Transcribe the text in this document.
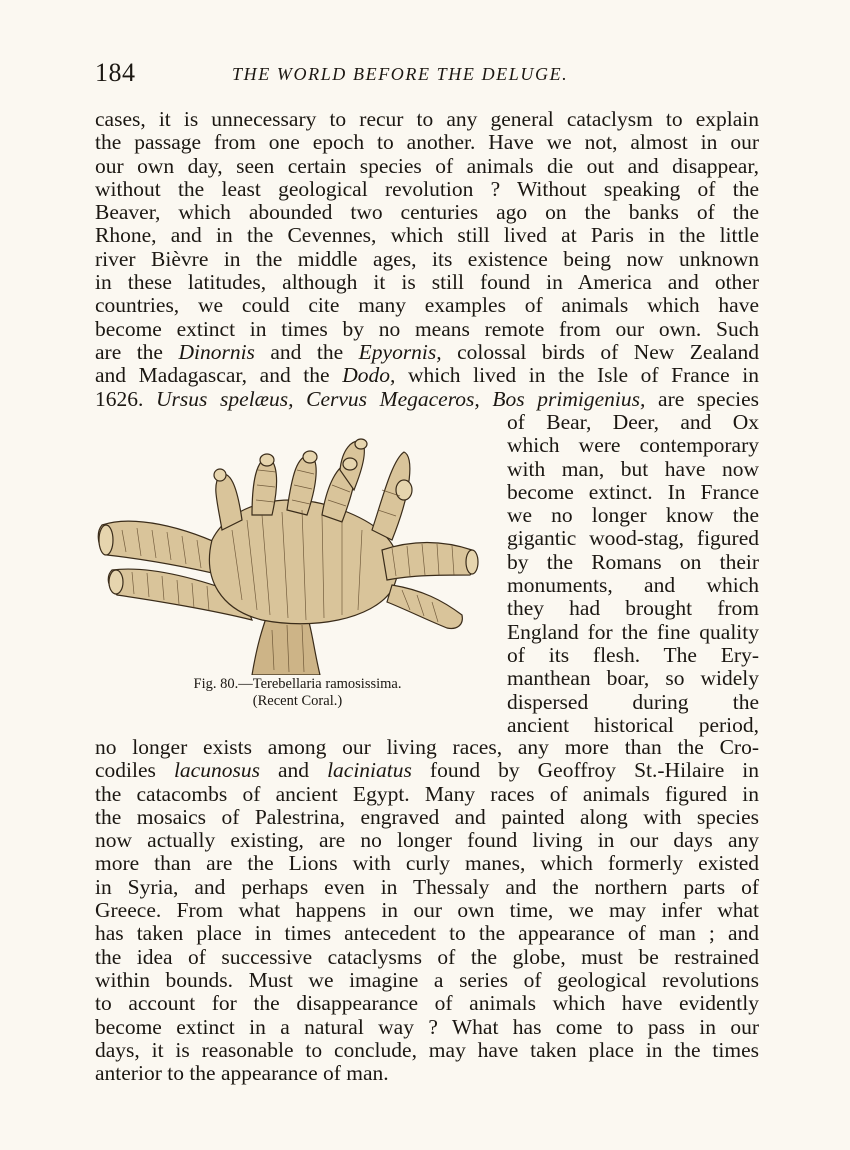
184	THE WORLD BEFORE THE DELUGE.
cases, it is unnecessary to recur to any general cataclysm to explain
the passage from one epoch to another. Have we not, almost in our
our own day, seen certain species of animals die out and disappear,
without the least geological revolution ? Without speaking of the
Beaver, which abounded two centuries ago on the banks of the
Rhone, and in the Cevennes, which still lived at Paris in the little
river Bièvre in the middle ages, its existence being now unknown
in these latitudes, although it is still found in America and other
countries, we could cite many examples of animals which have
become extinct in times by no means remote from our own. Such
are the Dinornis and the Epyornis, colossal birds of New Zealand
and Madagascar, and the Dodo, which lived in the Isle of France in
1626. Ursus spelæus, Cervus Megaceros, Bos primigenius, are species
of Bear, Deer, and Ox
which were contemporary
with man, but have now
become extinct. In France
we no longer know the
gigantic wood-stag, figured
by the Romans on their
monuments, and which
they had brought from
England for the fine quality
of its flesh. The Ery-
manthean boar, so widely
dispersed during the
ancient historical period,
Fig. 80.—Terebellaria ramosissima.
(Recent Coral.)
no longer exists among our living races, any more than the Cro-
codiles lacunosus and laciniatus found by Geoffroy St.-Hilaire in
the catacombs of ancient Egypt. Many races of animals figured in
the mosaics of Palestrina, engraved and painted along with species
now actually existing, are no longer found living in our days any
more than are the Lions with curly manes, which formerly existed
in Syria, and perhaps even in Thessaly and the northern parts of
Greece. From what happens in our own time, we may infer what
has taken place in times antecedent to the appearance of man ; and
the idea of successive cataclysms of the globe, must be restrained
within bounds. Must we imagine a series of geological revolutions
to account for the disappearance of animals which have evidently
become extinct in a natural way ? What has come to pass in our
days, it is reasonable to conclude, may have taken place in the times
anterior to the appearance of man.
